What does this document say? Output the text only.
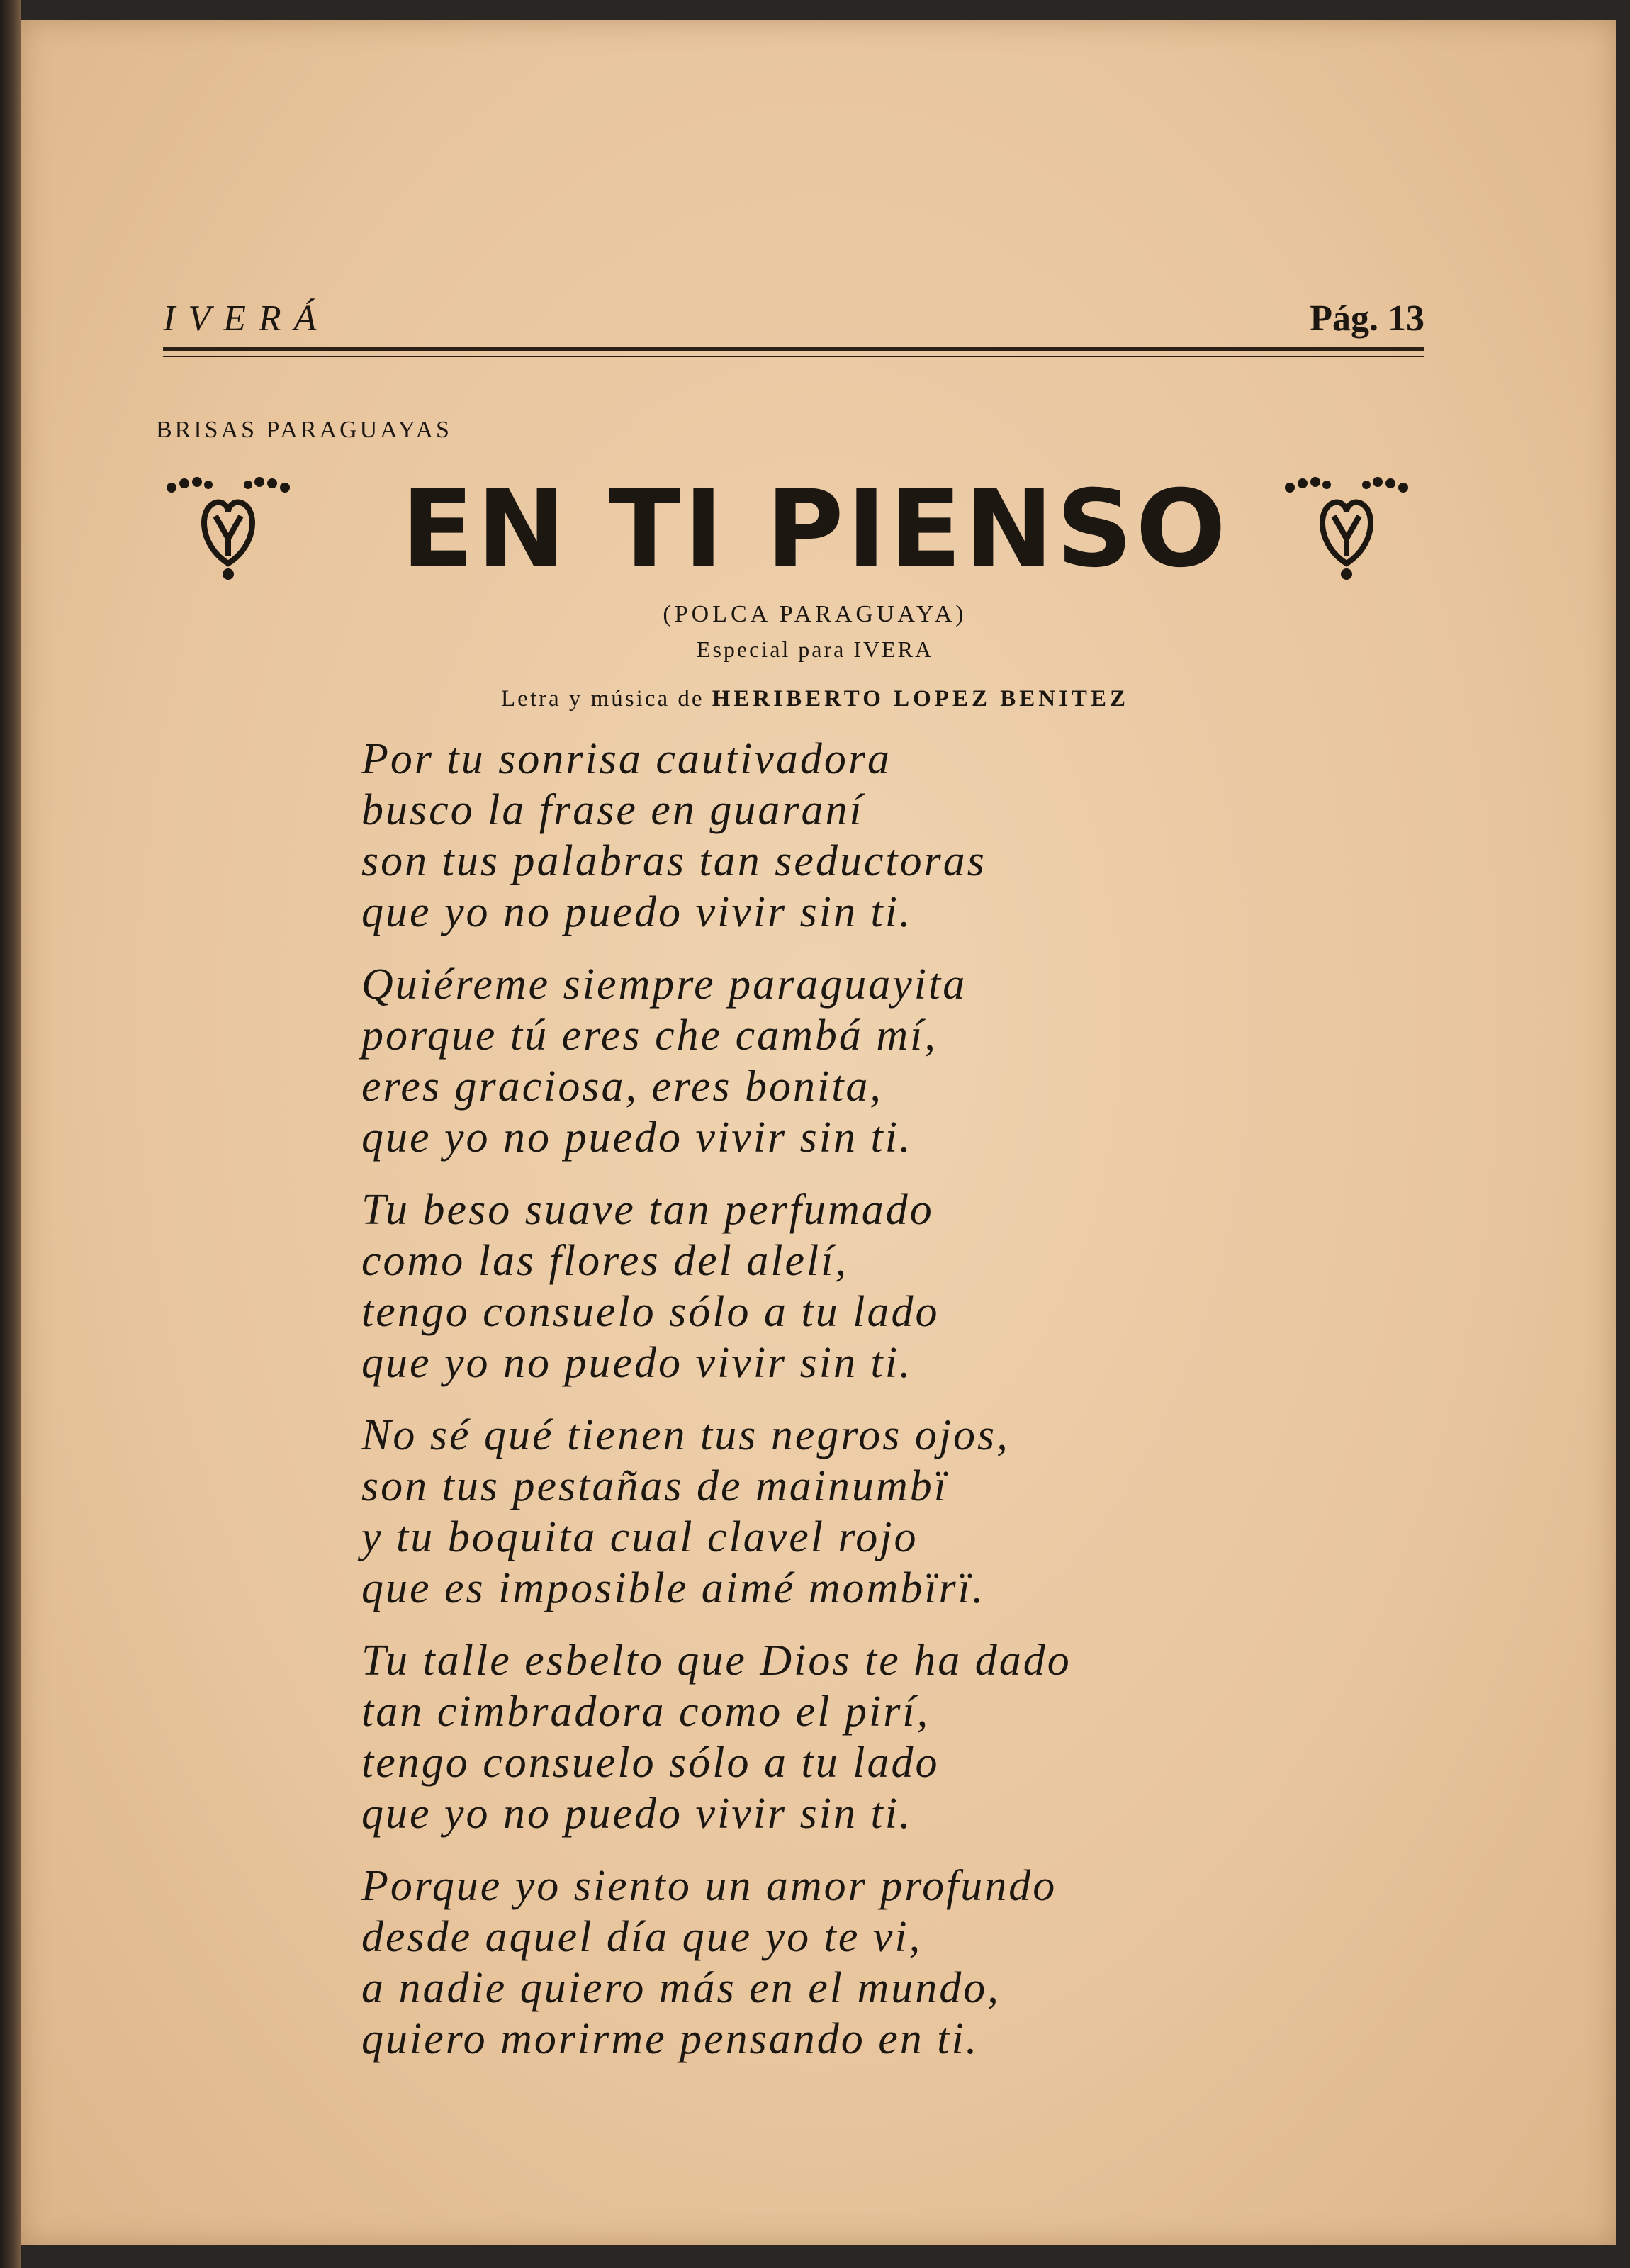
IVERÁ	Pág. 13
BRISAS PARAGUAYAS
EN TI PIENSO
(POLCA PARAGUAYA)
Especial para IVERA
Letra y música de HERIBERTO LOPEZ BENITEZ
Por tu sonrisa cautivadora
busco la frase en guaraní
son tus palabras tan seductoras
que yo no puedo vivir sin ti.
Quiéreme siempre paraguayita
porque tú eres che cambá mí,
eres graciosa, eres bonita,
que yo no puedo vivir sin ti.
Tu beso suave tan perfumado
como las flores del alelí,
tengo consuelo sólo a tu lado
que yo no puedo vivir sin ti.
No sé qué tienen tus negros ojos,
son tus pestañas de mainumbï
y tu boquita cual clavel rojo
que es imposible aimé mombïrï.
Tu talle esbelto que Dios te ha dado
tan cimbradora como el pirí,
tengo consuelo sólo a tu lado
que yo no puedo vivir sin ti.
Porque yo siento un amor profundo
desde aquel día que yo te vi,
a nadie quiero más en el mundo,
quiero morirme pensando en ti.
